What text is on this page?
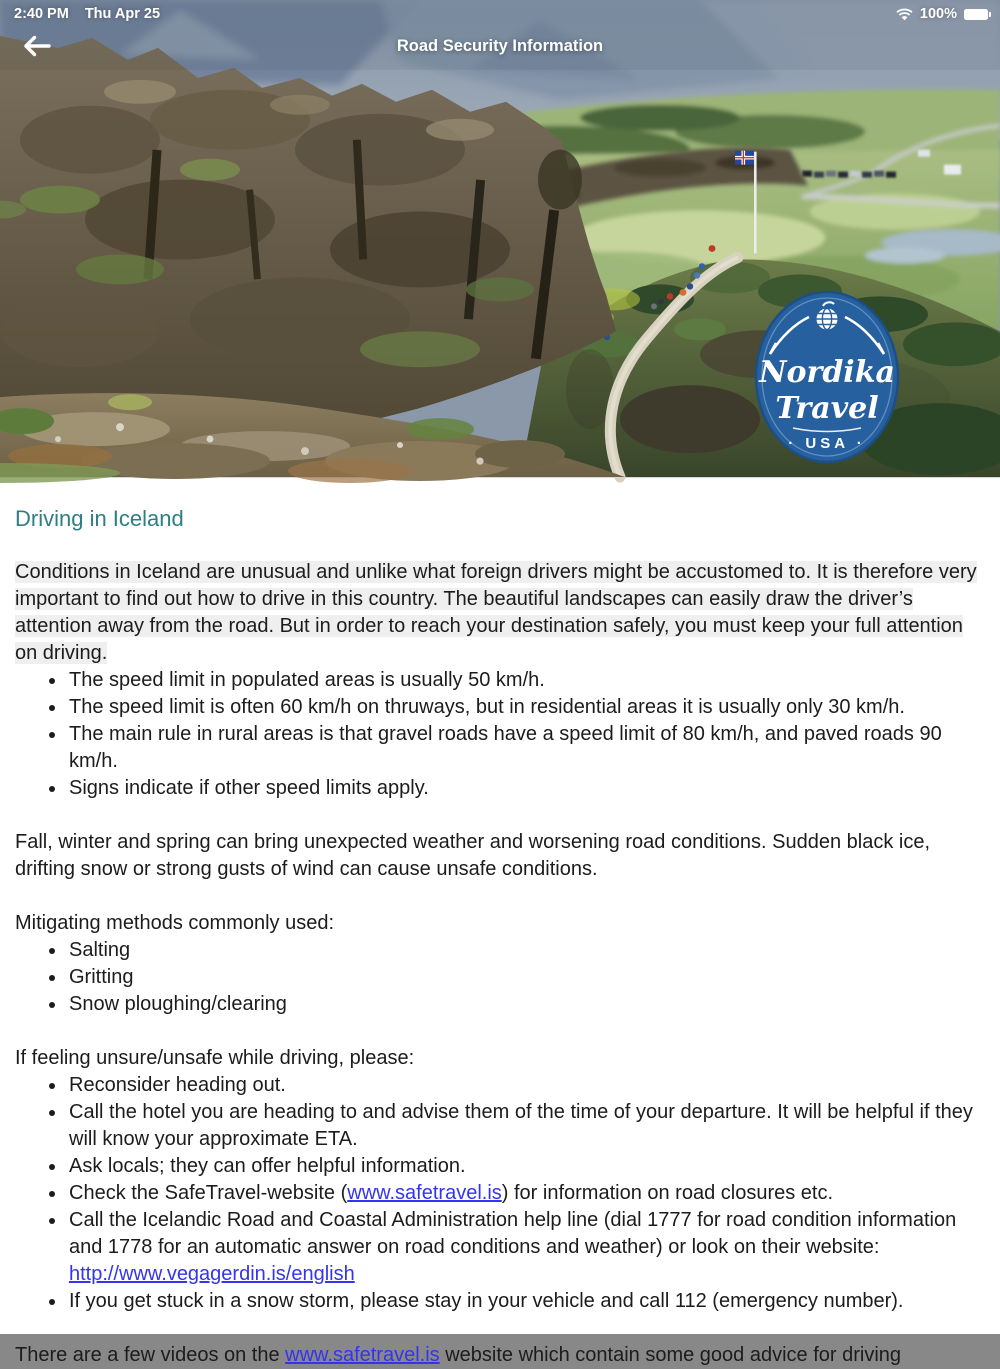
2:40 PM Thu Apr 25	100%
Road Security Information
Nordika
Travel
· USA ·
Driving in Iceland

Conditions in Iceland are unusual and unlike what foreign drivers might be accustomed to. It is therefore very important to find out how to drive in this country. The beautiful landscapes can easily draw the driver’s attention away from the road. But in order to reach your destination safely, you must keep your full attention on driving.

• The speed limit in populated areas is usually 50 km/h.
• The speed limit is often 60 km/h on thruways, but in residential areas it is usually only 30 km/h.
• The main rule in rural areas is that gravel roads have a speed limit of 80 km/h, and paved roads 90 km/h.
• Signs indicate if other speed limits apply.

Fall, winter and spring can bring unexpected weather and worsening road conditions. Sudden black ice, drifting snow or strong gusts of wind can cause unsafe conditions.

Mitigating methods commonly used:

• Salting
• Gritting
• Snow ploughing/clearing

If feeling unsure/unsafe while driving, please:

• Reconsider heading out.
• Call the hotel you are heading to and advise them of the time of your departure. It will be helpful if they will know your approximate ETA.
• Ask locals; they can offer helpful information.
• Check the SafeTravel-website (www.safetravel.is) for information on road closures etc.
• Call the Icelandic Road and Coastal Administration help line (dial 1777 for road condition information and 1778 for an automatic answer on road conditions and weather) or look on their website: http://www.vegagerdin.is/english
• If you get stuck in a snow storm, please stay in your vehicle and call 112 (emergency number).

There are a few videos on the www.safetravel.is website which contain some good advice for driving
